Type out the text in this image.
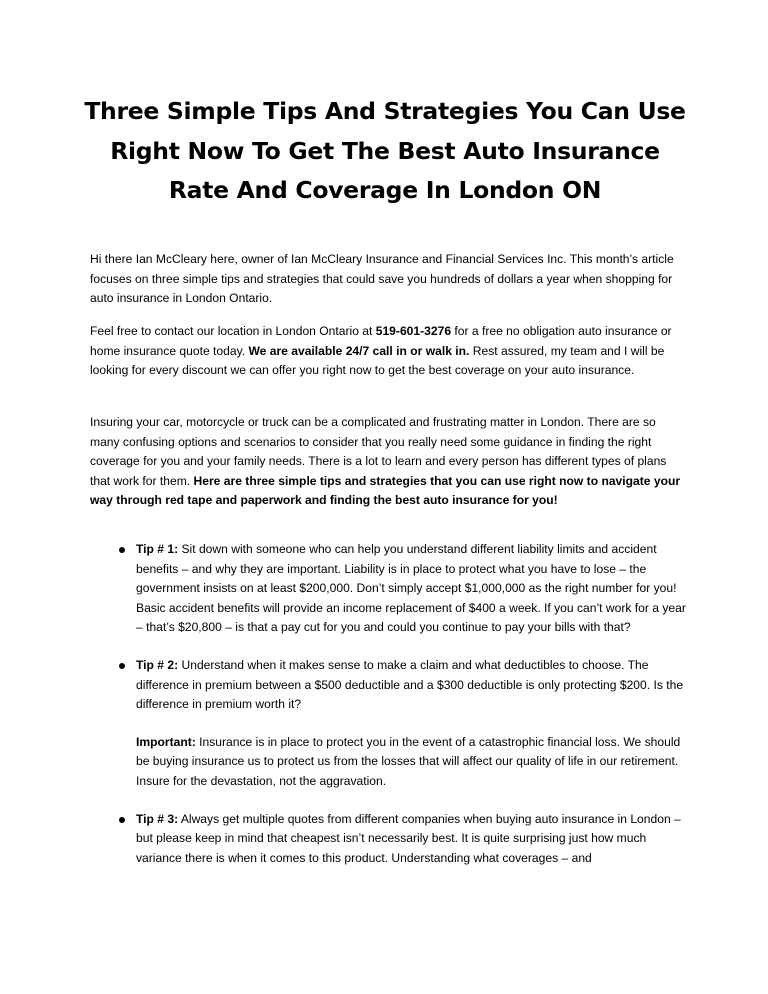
Three Simple Tips And Strategies You Can Use
Right Now To Get The Best Auto Insurance
Rate And Coverage In London ON

Hi there Ian McCleary here, owner of Ian McCleary Insurance and Financial Services Inc. This month’s article focuses on three simple tips and strategies that could save you hundreds of dollars a year when shopping for auto insurance in London Ontario.

Feel free to contact our location in London Ontario at 519-601-3276 for a free no obligation auto insurance or home insurance quote today. We are available 24/7 call in or walk in. Rest assured, my team and I will be looking for every discount we can offer you right now to get the best coverage on your auto insurance.

Insuring your car, motorcycle or truck can be a complicated and frustrating matter in London. There are so many confusing options and scenarios to consider that you really need some guidance in finding the right coverage for you and your family needs. There is a lot to learn and every person has different types of plans that work for them. Here are three simple tips and strategies that you can use right now to navigate your way through red tape and paperwork and finding the best auto insurance for you!

Tip # 1: Sit down with someone who can help you understand different liability limits and accident benefits – and why they are important. Liability is in place to protect what you have to lose – the government insists on at least $200,000. Don’t simply accept $1,000,000 as the right number for you! Basic accident benefits will provide an income replacement of $400 a week. If you can’t work for a year – that’s $20,800 – is that a pay cut for you and could you continue to pay your bills with that?
Tip # 2: Understand when it makes sense to make a claim and what deductibles to choose. The difference in premium between a $500 deductible and a $300 deductible is only protecting $200. Is the difference in premium worth it?
Important: Insurance is in place to protect you in the event of a catastrophic financial loss. We should be buying insurance us to protect us from the losses that will affect our quality of life in our retirement. Insure for the devastation, not the aggravation.
Tip # 3: Always get multiple quotes from different companies when buying auto insurance in London – but please keep in mind that cheapest isn’t necessarily best. It is quite surprising just how much variance there is when it comes to this product. Understanding what coverages – and
